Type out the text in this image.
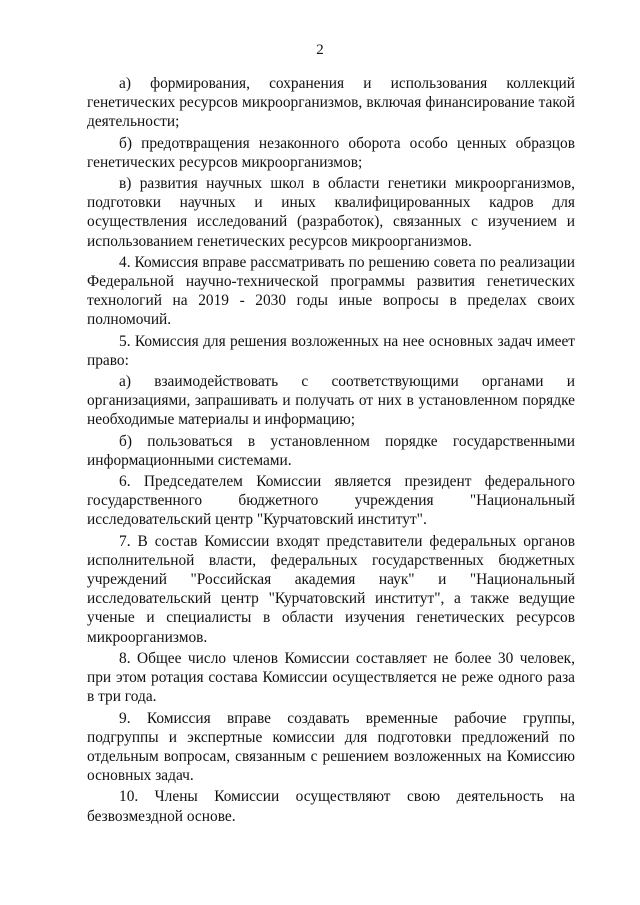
2

а) формирования, сохранения и использования коллекций генетических ресурсов микроорганизмов, включая финансирование такой деятельности;

б) предотвращения незаконного оборота особо ценных образцов генетических ресурсов микроорганизмов;

в) развития научных школ в области генетики микроорганизмов, подготовки научных и иных квалифицированных кадров для осуществления исследований (разработок), связанных с изучением и использованием генетических ресурсов микроорганизмов.

4. Комиссия вправе рассматривать по решению совета по реализации Федеральной научно-технической программы развития генетических технологий на 2019 - 2030 годы иные вопросы в пределах своих полномочий.

5. Комиссия для решения возложенных на нее основных задач имеет право:

а) взаимодействовать с соответствующими органами и организациями, запрашивать и получать от них в установленном порядке необходимые материалы и информацию;

б) пользоваться в установленном порядке государственными информационными системами.

6. Председателем Комиссии является президент федерального государственного бюджетного учреждения "Национальный исследовательский центр "Курчатовский институт".

7. В состав Комиссии входят представители федеральных органов исполнительной власти, федеральных государственных бюджетных учреждений "Российская академия наук" и "Национальный исследовательский центр "Курчатовский институт", а также ведущие ученые и специалисты в области изучения генетических ресурсов микроорганизмов.

8. Общее число членов Комиссии составляет не более 30 человек, при этом ротация состава Комиссии осуществляется не реже одного раза в три года.

9. Комиссия вправе создавать временные рабочие группы, подгруппы и экспертные комиссии для подготовки предложений по отдельным вопросам, связанным с решением возложенных на Комиссию основных задач.

10. Члены Комиссии осуществляют свою деятельность на безвозмездной основе.
